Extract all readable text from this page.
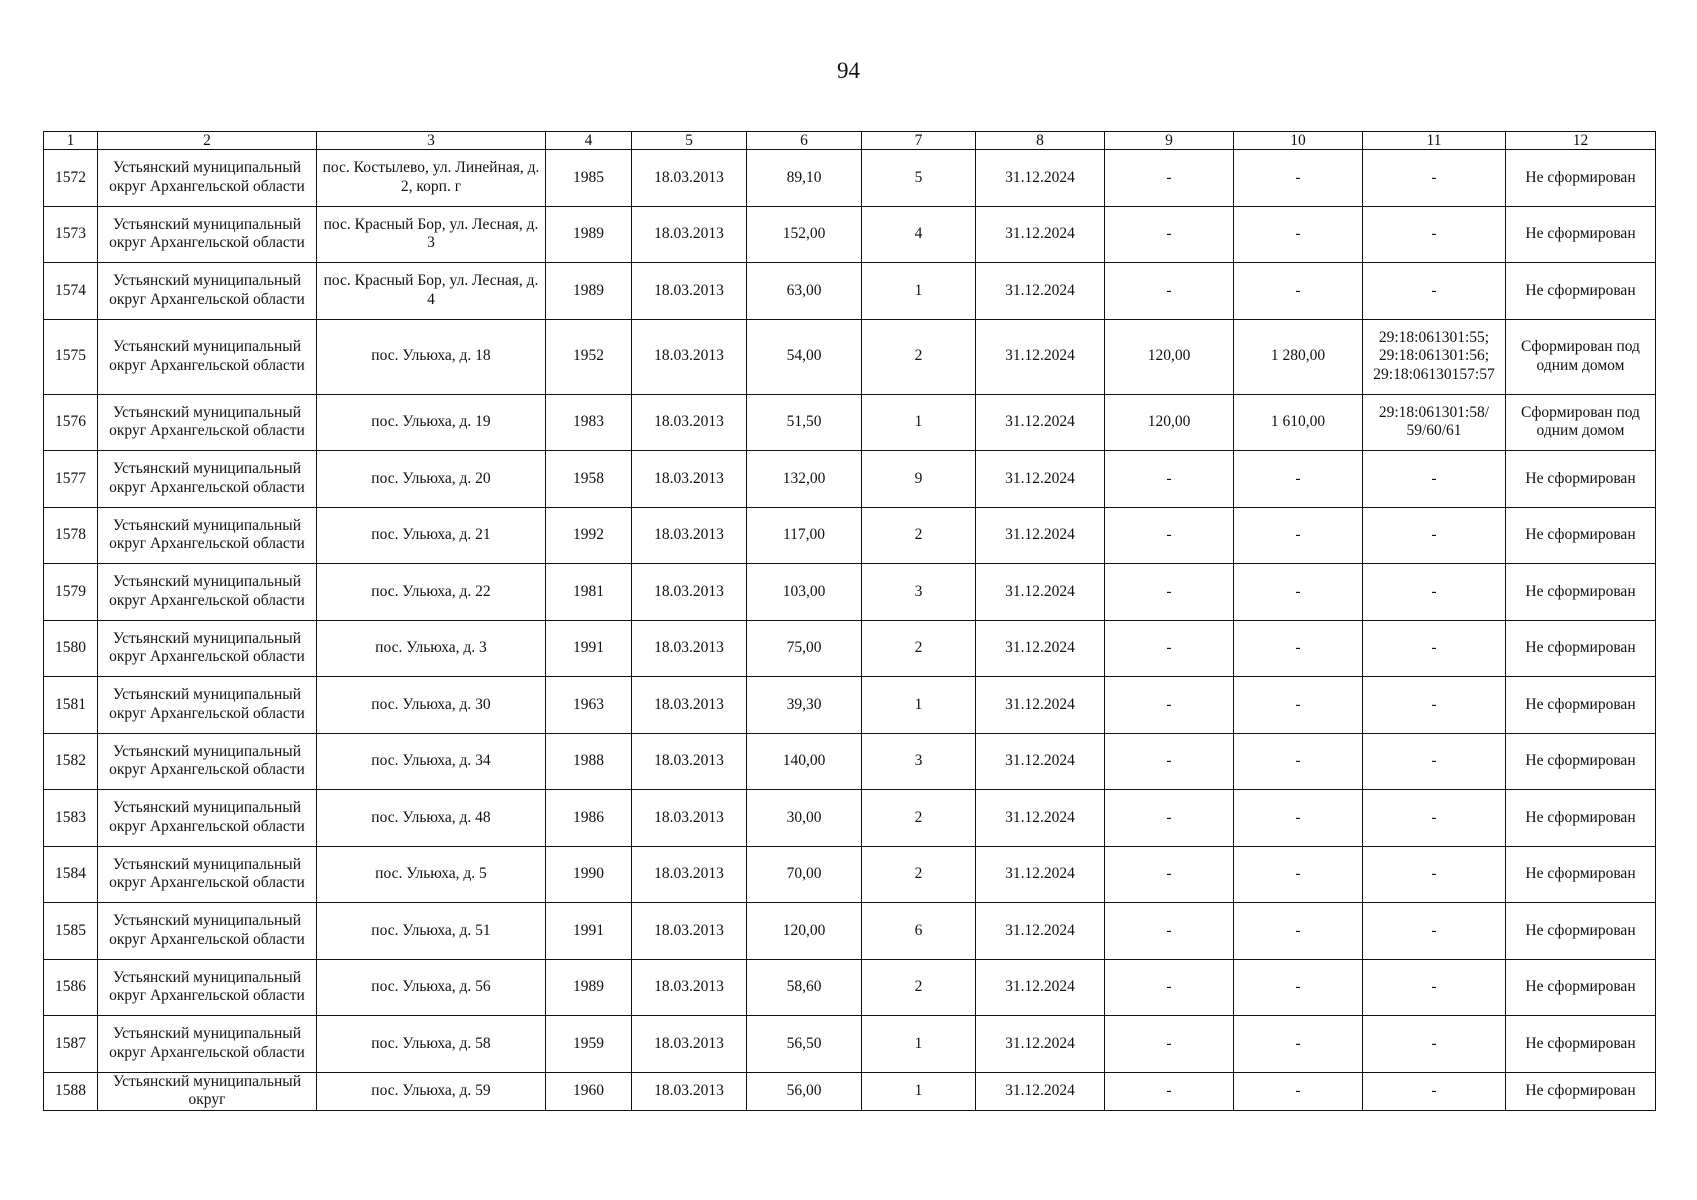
94
1	2	3	4	5	6	7	8	9	10	11	12
1572	Устьянский муниципальный округ Архангельской области	пос. Костылево, ул. Линейная, д. 2, корп. г	1985	18.03.2013	89,10	5	31.12.2024	-	-	-	Не сформирован
1573	Устьянский муниципальный округ Архангельской области	пос. Красный Бор, ул. Лесная, д. 3	1989	18.03.2013	152,00	4	31.12.2024	-	-	-	Не сформирован
1574	Устьянский муниципальный округ Архангельской области	пос. Красный Бор, ул. Лесная, д. 4	1989	18.03.2013	63,00	1	31.12.2024	-	-	-	Не сформирован
1575	Устьянский муниципальный округ Архангельской области	пос. Ульюха, д. 18	1952	18.03.2013	54,00	2	31.12.2024	120,00	1 280,00	29:18:061301:55; 29:18:061301:56; 29:18:06130157:57	Сформирован под одним домом
1576	Устьянский муниципальный округ Архангельской области	пос. Ульюха, д. 19	1983	18.03.2013	51,50	1	31.12.2024	120,00	1 610,00	29:18:061301:58/ 59/60/61	Сформирован под одним домом
1577	Устьянский муниципальный округ Архангельской области	пос. Ульюха, д. 20	1958	18.03.2013	132,00	9	31.12.2024	-	-	-	Не сформирован
1578	Устьянский муниципальный округ Архангельской области	пос. Ульюха, д. 21	1992	18.03.2013	117,00	2	31.12.2024	-	-	-	Не сформирован
1579	Устьянский муниципальный округ Архангельской области	пос. Ульюха, д. 22	1981	18.03.2013	103,00	3	31.12.2024	-	-	-	Не сформирован
1580	Устьянский муниципальный округ Архангельской области	пос. Ульюха, д. 3	1991	18.03.2013	75,00	2	31.12.2024	-	-	-	Не сформирован
1581	Устьянский муниципальный округ Архангельской области	пос. Ульюха, д. 30	1963	18.03.2013	39,30	1	31.12.2024	-	-	-	Не сформирован
1582	Устьянский муниципальный округ Архангельской области	пос. Ульюха, д. 34	1988	18.03.2013	140,00	3	31.12.2024	-	-	-	Не сформирован
1583	Устьянский муниципальный округ Архангельской области	пос. Ульюха, д. 48	1986	18.03.2013	30,00	2	31.12.2024	-	-	-	Не сформирован
1584	Устьянский муниципальный округ Архангельской области	пос. Ульюха, д. 5	1990	18.03.2013	70,00	2	31.12.2024	-	-	-	Не сформирован
1585	Устьянский муниципальный округ Архангельской области	пос. Ульюха, д. 51	1991	18.03.2013	120,00	6	31.12.2024	-	-	-	Не сформирован
1586	Устьянский муниципальный округ Архангельской области	пос. Ульюха, д. 56	1989	18.03.2013	58,60	2	31.12.2024	-	-	-	Не сформирован
1587	Устьянский муниципальный округ Архангельской области	пос. Ульюха, д. 58	1959	18.03.2013	56,50	1	31.12.2024	-	-	-	Не сформирован
1588	Устьянский муниципальный округ	пос. Ульюха, д. 59	1960	18.03.2013	56,00	1	31.12.2024	-	-	-	Не сформирован
